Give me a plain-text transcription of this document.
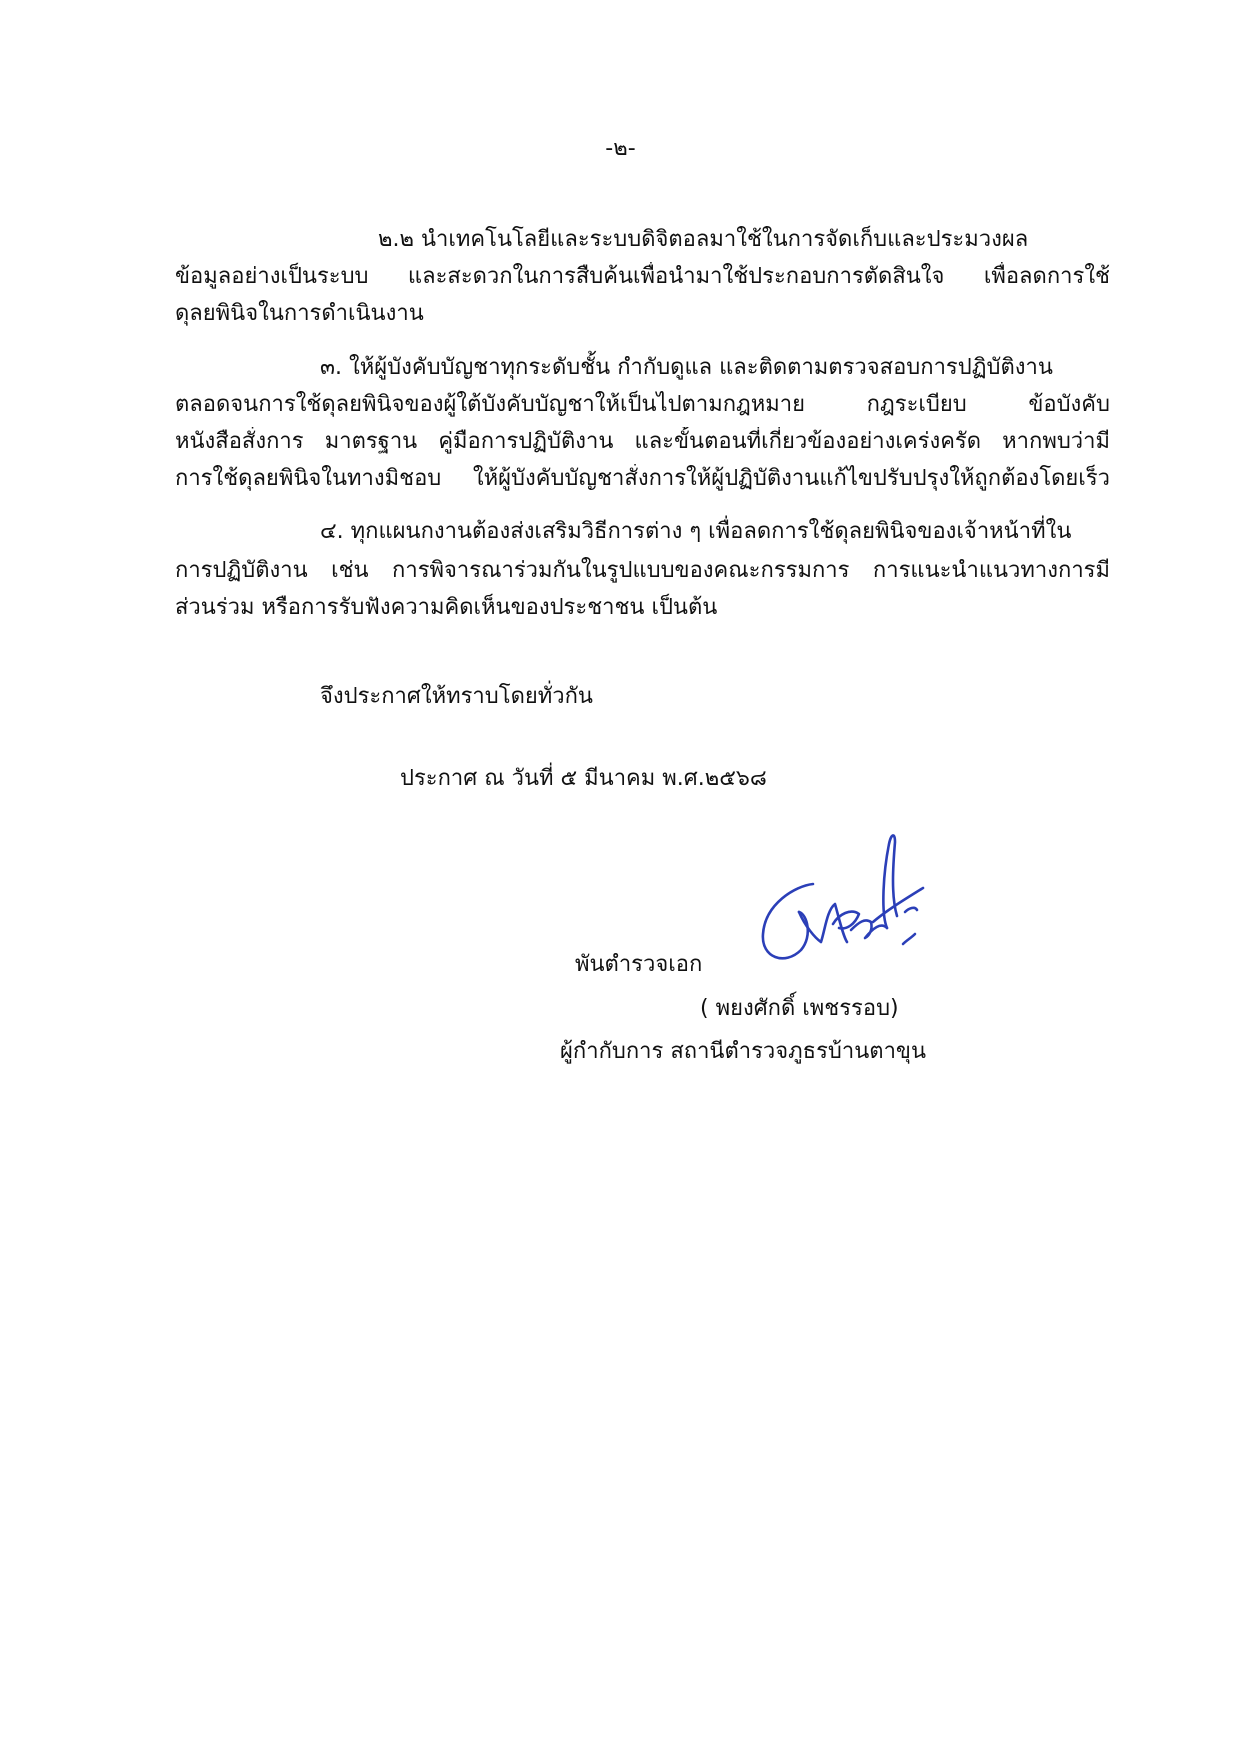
-๒-
๒.๒ นำเทคโนโลยีและระบบดิจิตอลมาใช้ในการจัดเก็บและประมวงผล
ข้อมูลอย่างเป็นระบบ และสะดวกในการสืบค้นเพื่อนำมาใช้ประกอบการตัดสินใจ เพื่อลดการใช้
ดุลยพินิจในการดำเนินงาน
๓. ให้ผู้บังคับบัญชาทุกระดับชั้น กำกับดูแล และติดตามตรวจสอบการปฏิบัติงาน
ตลอดจนการใช้ดุลยพินิจของผู้ใต้บังคับบัญชาให้เป็นไปตามกฎหมาย กฎระเบียบ ข้อบังคับ
หนังสือสั่งการ มาตรฐาน คู่มือการปฏิบัติงาน และขั้นตอนที่เกี่ยวข้องอย่างเคร่งครัด หากพบว่ามี
การใช้ดุลยพินิจในทางมิชอบ ให้ผู้บังคับบัญชาสั่งการให้ผู้ปฏิบัติงานแก้ไขปรับปรุงให้ถูกต้องโดยเร็ว
๔. ทุกแผนกงานต้องส่งเสริมวิธีการต่าง ๆ เพื่อลดการใช้ดุลยพินิจของเจ้าหน้าที่ใน
การปฏิบัติงาน เช่น การพิจารณาร่วมกันในรูปแบบของคณะกรรมการ การแนะนำแนวทางการมี
ส่วนร่วม หรือการรับฟังความคิดเห็นของประชาชน เป็นต้น
จึงประกาศให้ทราบโดยทั่วกัน
ประกาศ ณ วันที่ ๕ มีนาคม พ.ศ.๒๕๖๘
พันตำรวจเอก
( พยงศักดิ์ เพชรรอบ)
ผู้กำกับการ สถานีตำรวจภูธรบ้านตาขุน
